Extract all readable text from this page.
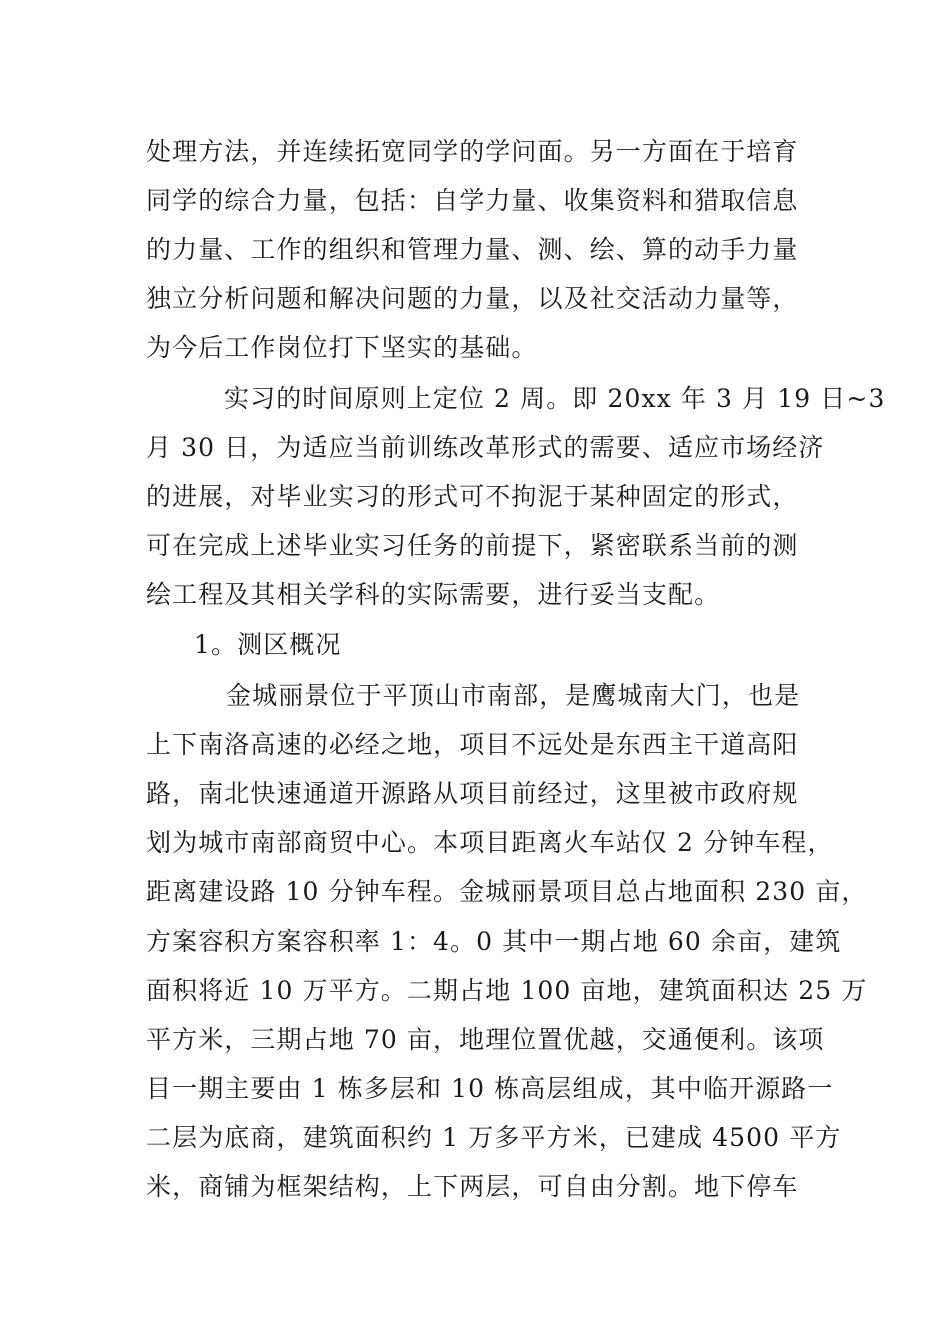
处理方法，并连续拓宽同学的学问面。另一方面在于培育
同学的综合力量，包括：自学力量、收集资料和猎取信息
的力量、工作的组织和管理力量、测、绘、算的动手力量
独立分析问题和解决问题的力量，以及社交活动力量等，
为今后工作岗位打下坚实的基础。
实习的时间原则上定位 2 周。即 20xx 年 3 月 19 日~3
月 30 日，为适应当前训练改革形式的需要、适应市场经济
的进展，对毕业实习的形式可不拘泥于某种固定的形式，
可在完成上述毕业实习任务的前提下，紧密联系当前的测
绘工程及其相关学科的实际需要，进行妥当支配。
1。测区概况
金城丽景位于平顶山市南部，是鹰城南大门，也是
上下南洛高速的必经之地，项目不远处是东西主干道高阳
路，南北快速通道开源路从项目前经过，这里被市政府规
划为城市南部商贸中心。本项目距离火车站仅 2 分钟车程，
距离建设路 10 分钟车程。金城丽景项目总占地面积 230 亩，
方案容积方案容积率 1：4。0 其中一期占地 60 余亩，建筑
面积将近 10 万平方。二期占地 100 亩地，建筑面积达 25 万
平方米，三期占地 70 亩，地理位置优越，交通便利。该项
目一期主要由 1 栋多层和 10 栋高层组成，其中临开源路一
二层为底商，建筑面积约 1 万多平方米，已建成 4500 平方
米，商铺为框架结构，上下两层，可自由分割。地下停车
